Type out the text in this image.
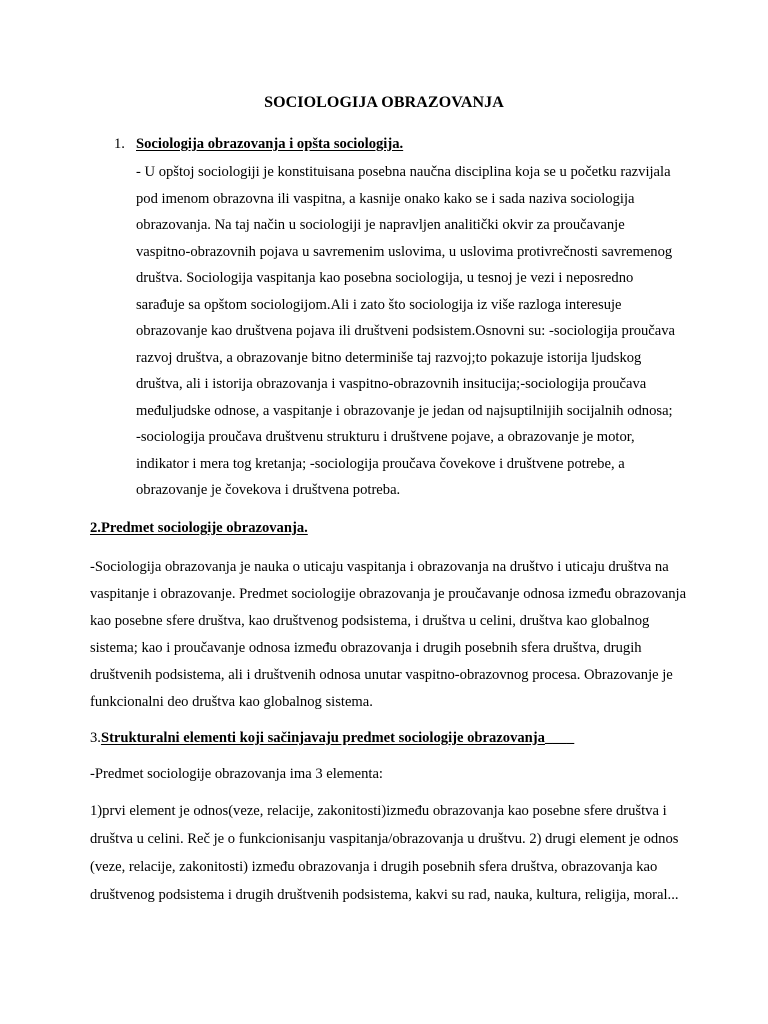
SOCIOLOGIJA OBRAZOVANJA
1. Sociologija obrazovanja i opšta sociologija.

- U opštoj sociologiji je konstituisana posebna naučna disciplina koja se u početku razvijala pod imenom obrazovna ili vaspitna, a kasnije onako kako se i sada naziva sociologija obrazovanja. Na taj način u sociologiji je napravljen analitički okvir za proučavanje vaspitno-obrazovnih pojava u savremenim uslovima, u uslovima protivrečnosti savremenog društva. Sociologija vaspitanja kao posebna sociologija, u tesnoj je vezi i neposredno sarađuje sa opštom sociologijom.Ali i zato što sociologija iz više razloga interesuje obrazovanje kao društvena pojava ili društveni podsistem.Osnovni su: -sociologija proučava razvoj društva, a obrazovanje bitno determiniše taj razvoj;to pokazuje istorija ljudskog društva, ali i istorija obrazovanja i vaspitno-obrazovnih insitucija;-sociologija proučava međuljudske odnose, a vaspitanje i obrazovanje je jedan od najsuptilnijih socijalnih odnosa; -sociologija proučava društvenu strukturu i društvene pojave, a obrazovanje je motor, indikator i mera tog kretanja; -sociologija proučava čovekove i društvene potrebe, a obrazovanje je čovekova i društvena potreba.

2.Predmet sociologije obrazovanja.

-Sociologija obrazovanja je nauka o uticaju vaspitanja i obrazovanja na društvo i uticaju društva na vaspitanje i obrazovanje. Predmet sociologije obrazovanja je proučavanje odnosa između obrazovanja kao posebne sfere društva, kao društvenog podsistema, i društva u celini, društva kao globalnog sistema; kao i proučavanje odnosa između obrazovanja i drugih posebnih sfera društva, drugih društvenih podsistema, ali i društvenih odnosa unutar vaspitno-obrazovnog procesa. Obrazovanje je funkcionalni deo društva kao globalnog sistema.

3.Strukturalni elementi koji sačinjavaju predmet sociologije obrazovanja____
-Predmet sociologije obrazovanja ima 3 elementa:

1)prvi element je odnos(veze, relacije, zakonitosti)između obrazovanja kao posebne sfere društva i društva u celini. Reč je o funkcionisanju vaspitanja/obrazovanja u društvu. 2) drugi element je odnos (veze, relacije, zakonitosti) između obrazovanja i drugih posebnih sfera društva, obrazovanja kao društvenog podsistema i drugih društvenih podsistema, kakvi su rad, nauka, kultura, religija, moral...
